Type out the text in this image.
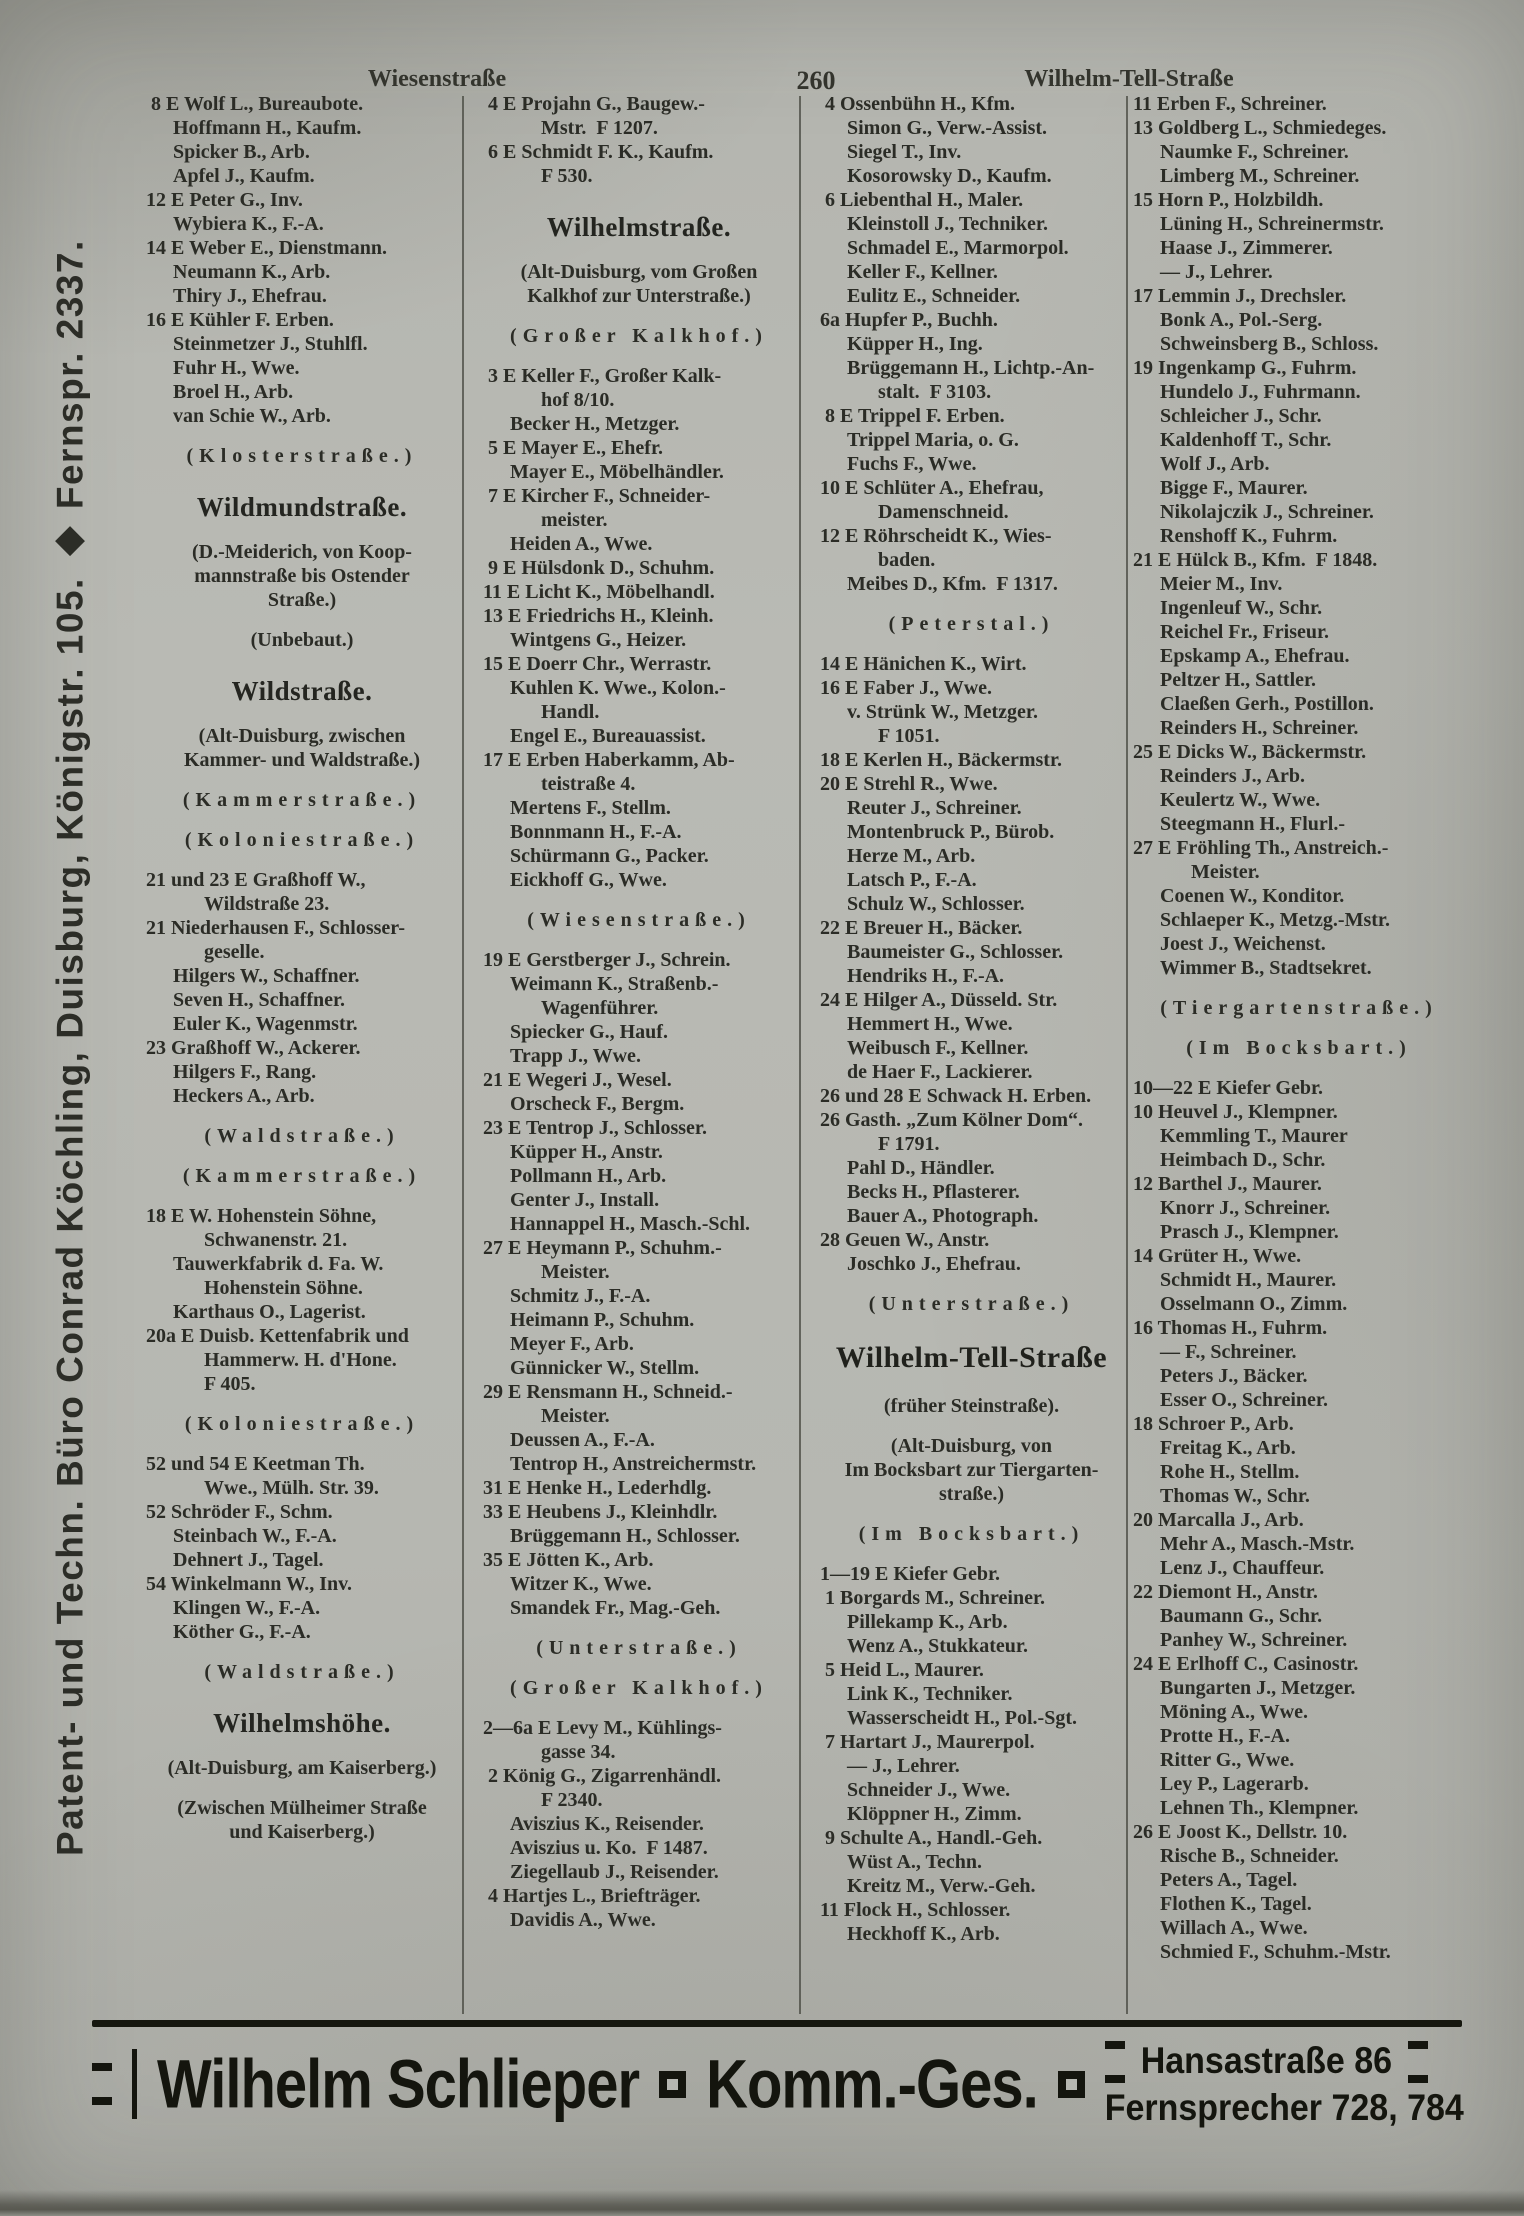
Wiesenstraße	260	Wilhelm-Tell-Straße
Patent- und Techn. Büro Conrad Köchling, Duisburg, Königstr. 105. ◆ Fernspr. 2337.
8 E Wolf L., Bureaubote.
Hoffmann H., Kaufm.
Spicker B., Arb.
Apfel J., Kaufm.
12 E Peter G., Inv.
Wybiera K., F.-A.
14 E Weber E., Dienstmann.
Neumann K., Arb.
Thiry J., Ehefrau.
16 E Kühler F. Erben.
Steinmetzer J., Stuhlfl.
Fuhr H., Wwe.
Broel H., Arb.
van Schie W., Arb.
(Klosterstraße.)
Wildmundstraße.
(D.-Meiderich, von Koop-
mannstraße bis Ostender
Straße.)
(Unbebaut.)
Wildstraße.
(Alt-Duisburg, zwischen
Kammer- und Waldstraße.)
(Kammerstraße.)
(Koloniestraße.)
21 und 23 E Graßhoff W.,
Wildstraße 23.
21 Niederhausen F., Schlosser-
geselle.
Hilgers W., Schaffner.
Seven H., Schaffner.
Euler K., Wagenmstr.
23 Graßhoff W., Ackerer.
Hilgers F., Rang.
Heckers A., Arb.
(Waldstraße.)
(Kammerstraße.)
18 E W. Hohenstein Söhne,
Schwanenstr. 21.
Tauwerkfabrik d. Fa. W.
Hohenstein Söhne.
Karthaus O., Lagerist.
20a E Duisb. Kettenfabrik und
Hammerw. H. d'Hone.
F 405.
(Koloniestraße.)
52 und 54 E Keetman Th.
Wwe., Mülh. Str. 39.
52 Schröder F., Schm.
Steinbach W., F.-A.
Dehnert J., Tagel.
54 Winkelmann W., Inv.
Klingen W., F.-A.
Köther G., F.-A.
(Waldstraße.)
Wilhelmshöhe.
(Alt-Duisburg, am Kaiserberg.)
(Zwischen Mülheimer Straße
und Kaiserberg.)
4 E Projahn G., Baugew.-
Mstr.  F 1207.
6 E Schmidt F. K., Kaufm.
F 530.
Wilhelmstraße.
(Alt-Duisburg, vom Großen
Kalkhof zur Unterstraße.)
(Großer Kalkhof.)
3 E Keller F., Großer Kalk-
hof 8/10.
Becker H., Metzger.
5 E Mayer E., Ehefr.
Mayer E., Möbelhändler.
7 E Kircher F., Schneider-
meister.
Heiden A., Wwe.
9 E Hülsdonk D., Schuhm.
11 E Licht K., Möbelhandl.
13 E Friedrichs H., Kleinh.
Wintgens G., Heizer.
15 E Doerr Chr., Werrastr.
Kuhlen K. Wwe., Kolon.-
Handl.
Engel E., Bureauassist.
17 E Erben Haberkamm, Ab-
teistraße 4.
Mertens F., Stellm.
Bonnmann H., F.-A.
Schürmann G., Packer.
Eickhoff G., Wwe.
(Wiesenstraße.)
19 E Gerstberger J., Schrein.
Weimann K., Straßenb.-
Wagenführer.
Spiecker G., Hauf.
Trapp J., Wwe.
21 E Wegeri J., Wesel.
Orscheck F., Bergm.
23 E Tentrop J., Schlosser.
Küpper H., Anstr.
Pollmann H., Arb.
Genter J., Install.
Hannappel H., Masch.-Schl.
27 E Heymann P., Schuhm.-
Meister.
Schmitz J., F.-A.
Heimann P., Schuhm.
Meyer F., Arb.
Günnicker W., Stellm.
29 E Rensmann H., Schneid.-
Meister.
Deussen A., F.-A.
Tentrop H., Anstreichermstr.
31 E Henke H., Lederhdlg.
33 E Heubens J., Kleinhdlr.
Brüggemann H., Schlosser.
35 E Jötten K., Arb.
Witzer K., Wwe.
Smandek Fr., Mag.-Geh.
(Unterstraße.)
(Großer Kalkhof.)
2—6a E Levy M., Kühlings-
gasse 34.
2 König G., Zigarrenhändl.
F 2340.
Aviszius K., Reisender.
Aviszius u. Ko.  F 1487.
Ziegellaub J., Reisender.
4 Hartjes L., Briefträger.
Davidis A., Wwe.
4 Ossenbühn H., Kfm.
Simon G., Verw.-Assist.
Siegel T., Inv.
Kosorowsky D., Kaufm.
6 Liebenthal H., Maler.
Kleinstoll J., Techniker.
Schmadel E., Marmorpol.
Keller F., Kellner.
Eulitz E., Schneider.
6a Hupfer P., Buchh.
Küpper H., Ing.
Brüggemann H., Lichtp.-An-
stalt.  F 3103.
8 E Trippel F. Erben.
Trippel Maria, o. G.
Fuchs F., Wwe.
10 E Schlüter A., Ehefrau,
Damenschneid.
12 E Röhrscheidt K., Wies-
baden.
Meibes D., Kfm.  F 1317.
(Peterstal.)
14 E Hänichen K., Wirt.
16 E Faber J., Wwe.
v. Strünk W., Metzger.
F 1051.
18 E Kerlen H., Bäckermstr.
20 E Strehl R., Wwe.
Reuter J., Schreiner.
Montenbruck P., Bürob.
Herze M., Arb.
Latsch P., F.-A.
Schulz W., Schlosser.
22 E Breuer H., Bäcker.
Baumeister G., Schlosser.
Hendriks H., F.-A.
24 E Hilger A., Düsseld. Str.
Hemmert H., Wwe.
Weibusch F., Kellner.
de Haer F., Lackierer.
26 und 28 E Schwack H. Erben.
26 Gasth. „Zum Kölner Dom“.
F 1791.
Pahl D., Händler.
Becks H., Pflasterer.
Bauer A., Photograph.
28 Geuen W., Anstr.
Joschko J., Ehefrau.
(Unterstraße.)
Wilhelm-Tell-Straße
(früher Steinstraße).
(Alt-Duisburg, von
Im Bocksbart zur Tiergarten-
straße.)
(Im Bocksbart.)
1—19 E Kiefer Gebr.
1 Borgards M., Schreiner.
Pillekamp K., Arb.
Wenz A., Stukkateur.
5 Heid L., Maurer.
Link K., Techniker.
Wasserscheidt H., Pol.-Sgt.
7 Hartart J., Maurerpol.
— J., Lehrer.
Schneider J., Wwe.
Klöppner H., Zimm.
9 Schulte A., Handl.-Geh.
Wüst A., Techn.
Kreitz M., Verw.-Geh.
11 Flock H., Schlosser.
Heckhoff K., Arb.
11 Erben F., Schreiner.
13 Goldberg L., Schmiedeges.
Naumke F., Schreiner.
Limberg M., Schreiner.
15 Horn P., Holzbildh.
Lüning H., Schreinermstr.
Haase J., Zimmerer.
— J., Lehrer.
17 Lemmin J., Drechsler.
Bonk A., Pol.-Serg.
Schweinsberg B., Schloss.
19 Ingenkamp G., Fuhrm.
Hundelo J., Fuhrmann.
Schleicher J., Schr.
Kaldenhoff T., Schr.
Wolf J., Arb.
Bigge F., Maurer.
Nikolajczik J., Schreiner.
Renshoff K., Fuhrm.
21 E Hülck B., Kfm.  F 1848.
Meier M., Inv.
Ingenleuf W., Schr.
Reichel Fr., Friseur.
Epskamp A., Ehefrau.
Peltzer H., Sattler.
Claeßen Gerh., Postillon.
Reinders H., Schreiner.
25 E Dicks W., Bäckermstr.
Reinders J., Arb.
Keulertz W., Wwe.
Steegmann H., Flurl.-
27 E Fröhling Th., Anstreich.-
Meister.
Coenen W., Konditor.
Schlaeper K., Metzg.-Mstr.
Joest J., Weichenst.
Wimmer B., Stadtsekret.
(Tiergartenstraße.)
(Im Bocksbart.)
10—22 E Kiefer Gebr.
10 Heuvel J., Klempner.
Kemmling T., Maurer
Heimbach D., Schr.
12 Barthel J., Maurer.
Knorr J., Schreiner.
Prasch J., Klempner.
14 Grüter H., Wwe.
Schmidt H., Maurer.
Osselmann O., Zimm.
16 Thomas H., Fuhrm.
— F., Schreiner.
Peters J., Bäcker.
Esser O., Schreiner.
18 Schroer P., Arb.
Freitag K., Arb.
Rohe H., Stellm.
Thomas W., Schr.
20 Marcalla J., Arb.
Mehr A., Masch.-Mstr.
Lenz J., Chauffeur.
22 Diemont H., Anstr.
Baumann G., Schr.
Panhey W., Schreiner.
24 E Erlhoff C., Casinostr.
Bungarten J., Metzger.
Möning A., Wwe.
Protte H., F.-A.
Ritter G., Wwe.
Ley P., Lagerarb.
Lehnen Th., Klempner.
26 E Joost K., Dellstr. 10.
Rische B., Schneider.
Peters A., Tagel.
Flothen K., Tagel.
Willach A., Wwe.
Schmied F., Schuhm.-Mstr.
Wilhelm Schlieper Komm.-Ges.	Hansastraße 86
Fernsprecher 728, 784
